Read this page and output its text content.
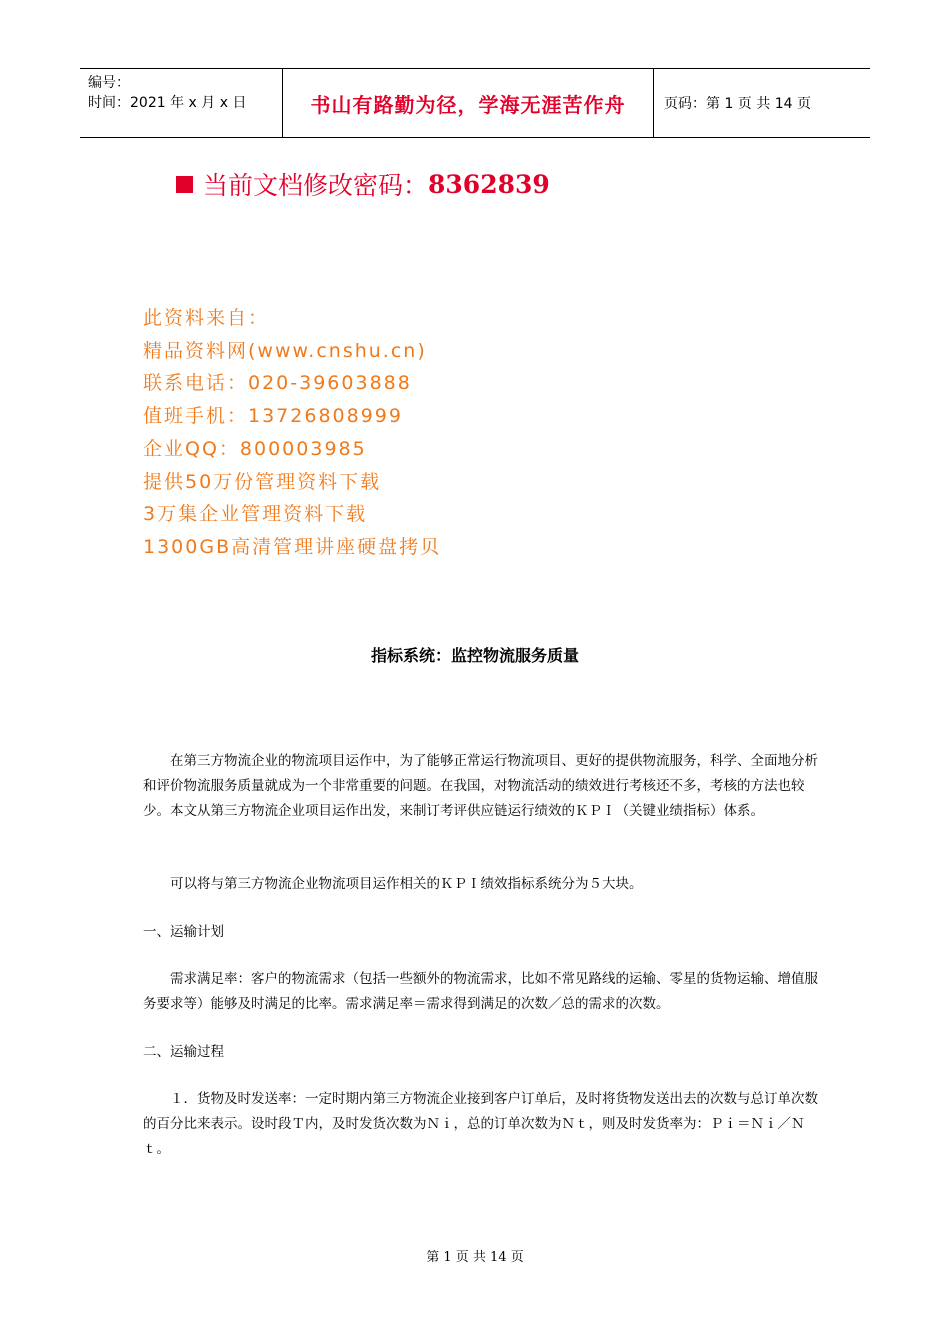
编号：
时间：2021 年 x 月 x 日	书山有路勤为径，学海无涯苦作舟	页码：第 1 页 共 14 页
当前文档修改密码： 8362839
此资料来自：
精品资料网(www.cnshu.cn)
联系电话：020-39603888
值班手机：13726808999
企业QQ：800003985
提供50万份管理资料下载
3万集企业管理资料下载
1300GB高清管理讲座硬盘拷贝
指标系统：监控物流服务质量

在第三方物流企业的物流项目运作中，为了能够正常运行物流项目、更好的提供物流服务，科学、全面地分析和评价物流服务质量就成为一个非常重要的问题。在我国，对物流活动的绩效进行考核还不多，考核的方法也较少。本文从第三方物流企业项目运作出发，来制订考评供应链运行绩效的ＫＰＩ（关键业绩指标）体系。

可以将与第三方物流企业物流项目运作相关的ＫＰＩ绩效指标系统分为５大块。

一、运输计划

需求满足率：客户的物流需求（包括一些额外的物流需求，比如不常见路线的运输、零星的货物运输、增值服务要求等）能够及时满足的比率。需求满足率＝需求得到满足的次数／总的需求的次数。

二、运输过程

１．货物及时发送率：一定时期内第三方物流企业接到客户订单后，及时将货物发送出去的次数与总订单次数的百分比来表示。设时段Ｔ内，及时发货次数为Ｎｉ，总的订单次数为Ｎｔ，则及时发货率为：Ｐｉ＝Ｎｉ／Ｎｔ。

第 1 页 共 14 页
